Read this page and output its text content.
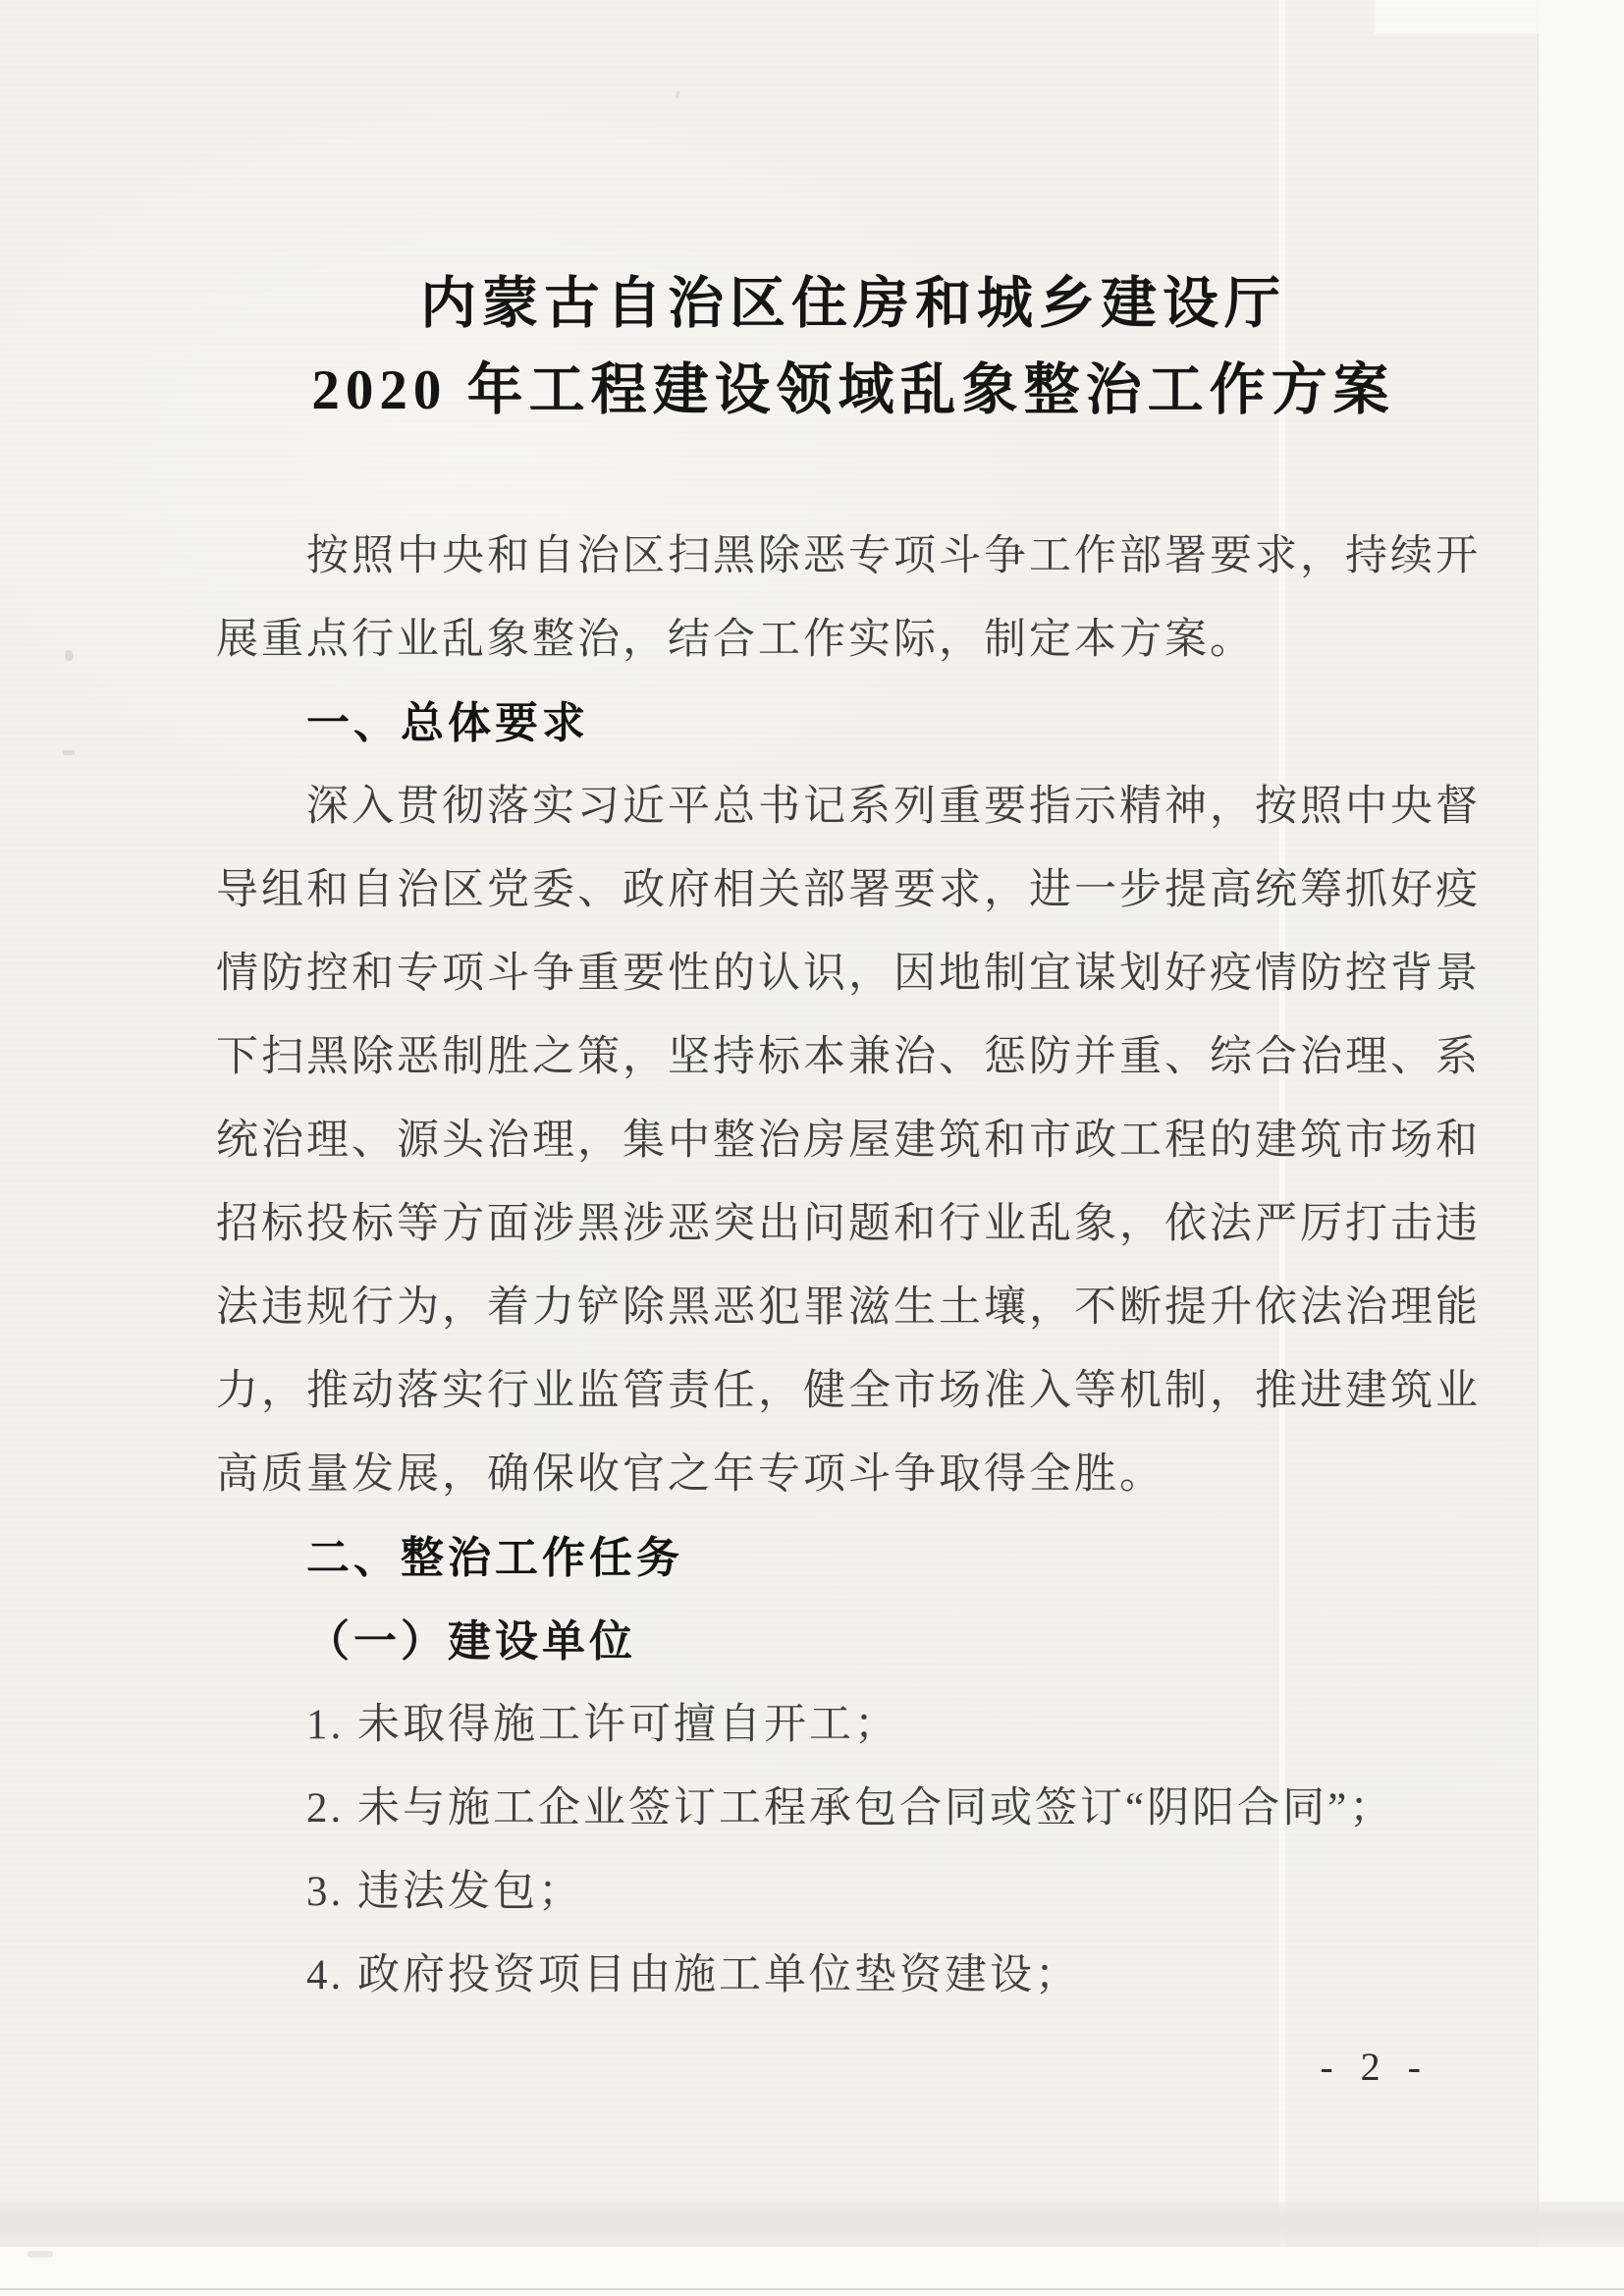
内蒙古自治区住房和城乡建设厅
2020 年工程建设领域乱象整治工作方案
按照中央和自治区扫黑除恶专项斗争工作部署要求，持续开
展重点行业乱象整治，结合工作实际，制定本方案。
一、总体要求
深入贯彻落实习近平总书记系列重要指示精神，按照中央督
导组和自治区党委、政府相关部署要求，进一步提高统筹抓好疫
情防控和专项斗争重要性的认识，因地制宜谋划好疫情防控背景
下扫黑除恶制胜之策，坚持标本兼治、惩防并重、综合治理、系
统治理、源头治理，集中整治房屋建筑和市政工程的建筑市场和
招标投标等方面涉黑涉恶突出问题和行业乱象，依法严厉打击违
法违规行为，着力铲除黑恶犯罪滋生土壤，不断提升依法治理能
力，推动落实行业监管责任，健全市场准入等机制，推进建筑业
高质量发展，确保收官之年专项斗争取得全胜。
二、整治工作任务
（一）建设单位
1. 未取得施工许可擅自开工；
2. 未与施工企业签订工程承包合同或签订“阴阳合同”；
3. 违法发包；
4. 政府投资项目由施工单位垫资建设；
- 2 -
